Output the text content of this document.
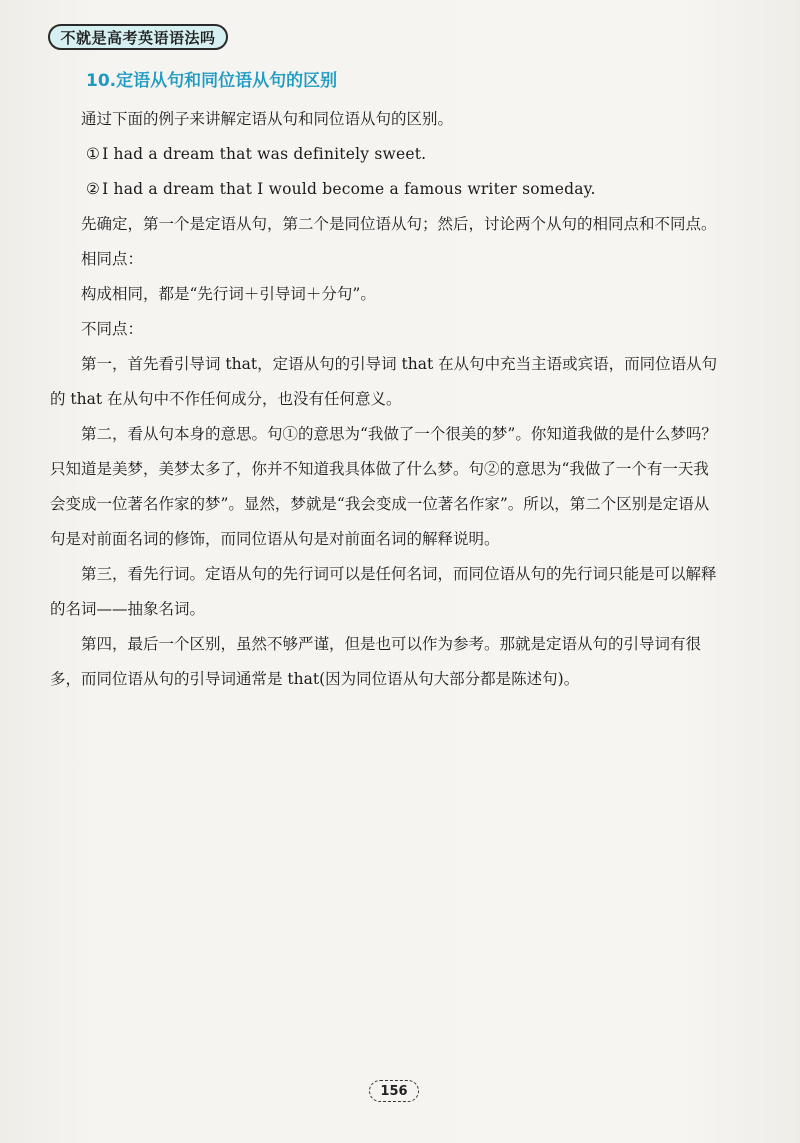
不就是高考英语语法吗
10.定语从句和同位语从句的区别

通过下面的例子来讲解定语从句和同位语从句的区别。

① I had a dream that was definitely sweet.

② I had a dream that I would become a famous writer someday.

先确定，第一个是定语从句，第二个是同位语从句；然后，讨论两个从句的相同点和不同点。

相同点：

构成相同，都是“先行词＋引导词＋分句”。

不同点：

第一，首先看引导词 that，定语从句的引导词 that 在从句中充当主语或宾语，而同位语从句的 that 在从句中不作任何成分，也没有任何意义。

第二，看从句本身的意思。句①的意思为“我做了一个很美的梦”。你知道我做的是什么梦吗？只知道是美梦，美梦太多了，你并不知道我具体做了什么梦。句②的意思为“我做了一个有一天我会变成一位著名作家的梦”。显然，梦就是“我会变成一位著名作家”。所以，第二个区别是定语从句是对前面名词的修饰，而同位语从句是对前面名词的解释说明。

第三，看先行词。定语从句的先行词可以是任何名词，而同位语从句的先行词只能是可以解释的名词——抽象名词。

第四，最后一个区别，虽然不够严谨，但是也可以作为参考。那就是定语从句的引导词有很多，而同位语从句的引导词通常是 that(因为同位语从句大部分都是陈述句)。

156
